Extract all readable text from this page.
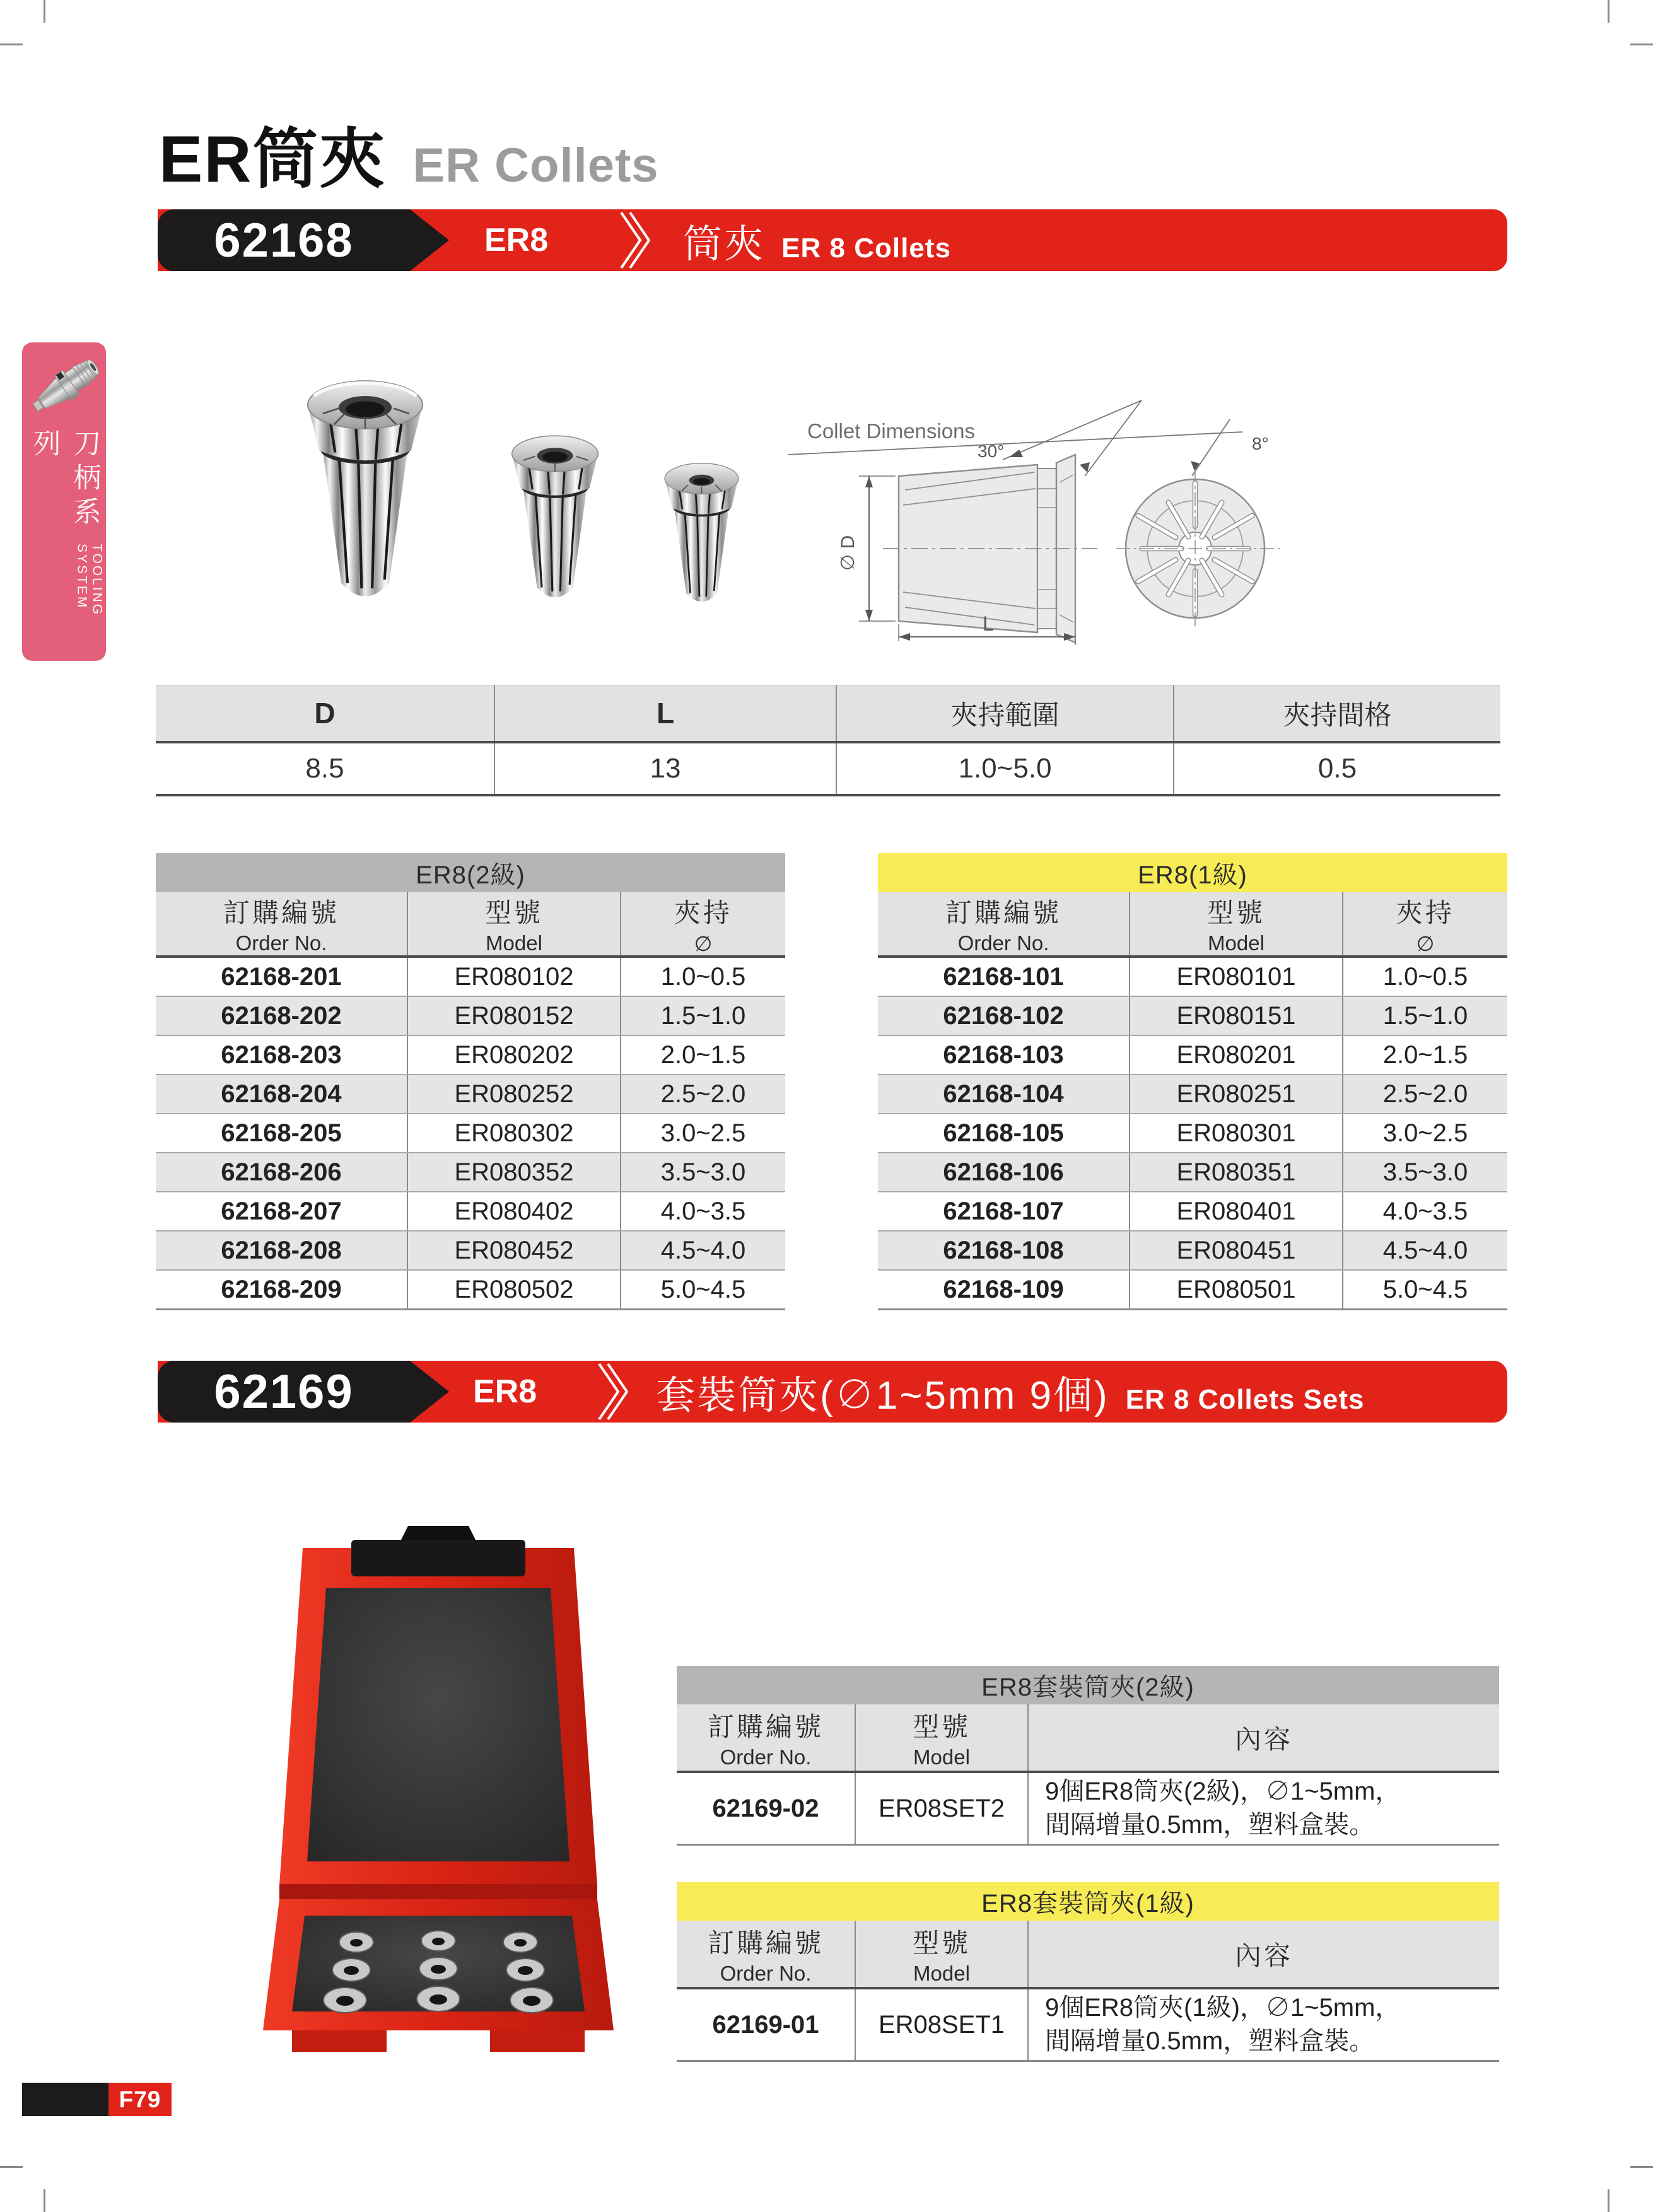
ER筒夾 ER Collets
62168	ER8	筒夾 ER 8 Collets
刀柄系列
TOOLING SYSTEM
Collet Dimensions
30°	8°
∅ D
L
D	L	夾持範圍	夾持間格
8.5	13	1.0~5.0	0.5
ER8(2級)
訂購編號
Order No.
型號
Model
夾持
∅
62168-201	ER080102	1.0~0.5
62168-202	ER080152	1.5~1.0
62168-203	ER080202	2.0~1.5
62168-204	ER080252	2.5~2.0
62168-205	ER080302	3.0~2.5
62168-206	ER080352	3.5~3.0
62168-207	ER080402	4.0~3.5
62168-208	ER080452	4.5~4.0
62168-209	ER080502	5.0~4.5
ER8(1級)
訂購編號
Order No.
型號
Model
夾持
∅
62168-101	ER080101	1.0~0.5
62168-102	ER080151	1.5~1.0
62168-103	ER080201	2.0~1.5
62168-104	ER080251	2.5~2.0
62168-105	ER080301	3.0~2.5
62168-106	ER080351	3.5~3.0
62168-107	ER080401	4.0~3.5
62168-108	ER080451	4.5~4.0
62168-109	ER080501	5.0~4.5
62169	ER8	套裝筒夾(∅1~5mm 9個) ER 8 Collets Sets
ER8套裝筒夾(2級)
訂購編號
Order No.
型號
Model
內容
62169-02	ER08SET2
9個ER8筒夾(2級)，∅1~5mm，
間隔增量0.5mm，塑料盒裝。
ER8套裝筒夾(1級)
訂購編號
Order No.
型號
Model
內容
62169-01	ER08SET1
9個ER8筒夾(1級)，∅1~5mm，
間隔增量0.5mm，塑料盒裝。
F79
